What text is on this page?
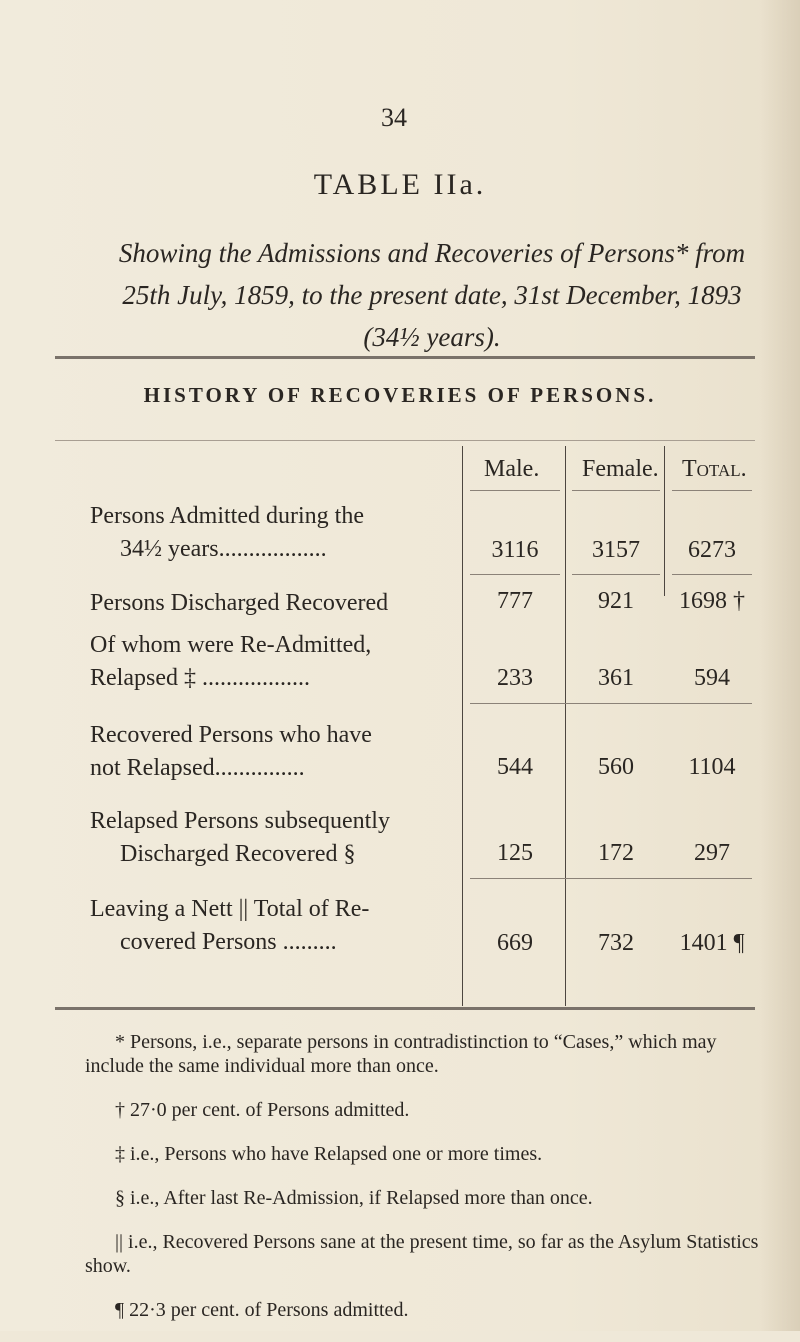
34
TABLE IIa.
Showing the Admissions and Recoveries of Persons* from 25th July, 1859, to the present date, 31st December, 1893 (34½ years).
HISTORY OF RECOVERIES OF PERSONS.
Male. Female. Total.
Persons Admitted during the
34½ years..................	3116	3157	6273
Persons Discharged Recovered	777	921	1698 †
Of whom were Re-Admitted,
Relapsed ‡ ..................	233	361	594
Recovered Persons who have
not Relapsed...............	544	560	1104
Relapsed Persons subsequently
Discharged Recovered §	125	172	297
Leaving a Nett || Total of Re-
covered Persons .........	669	732	1401 ¶

* Persons, i.e., separate persons in contradistinction to “Cases,” which may include the same individual more than once.

† 27·0 per cent. of Persons admitted.

‡ i.e., Persons who have Relapsed one or more times.

§ i.e., After last Re-Admission, if Relapsed more than once.

|| i.e., Recovered Persons sane at the present time, so far as the Asylum Statistics show.

¶ 22·3 per cent. of Persons admitted.
